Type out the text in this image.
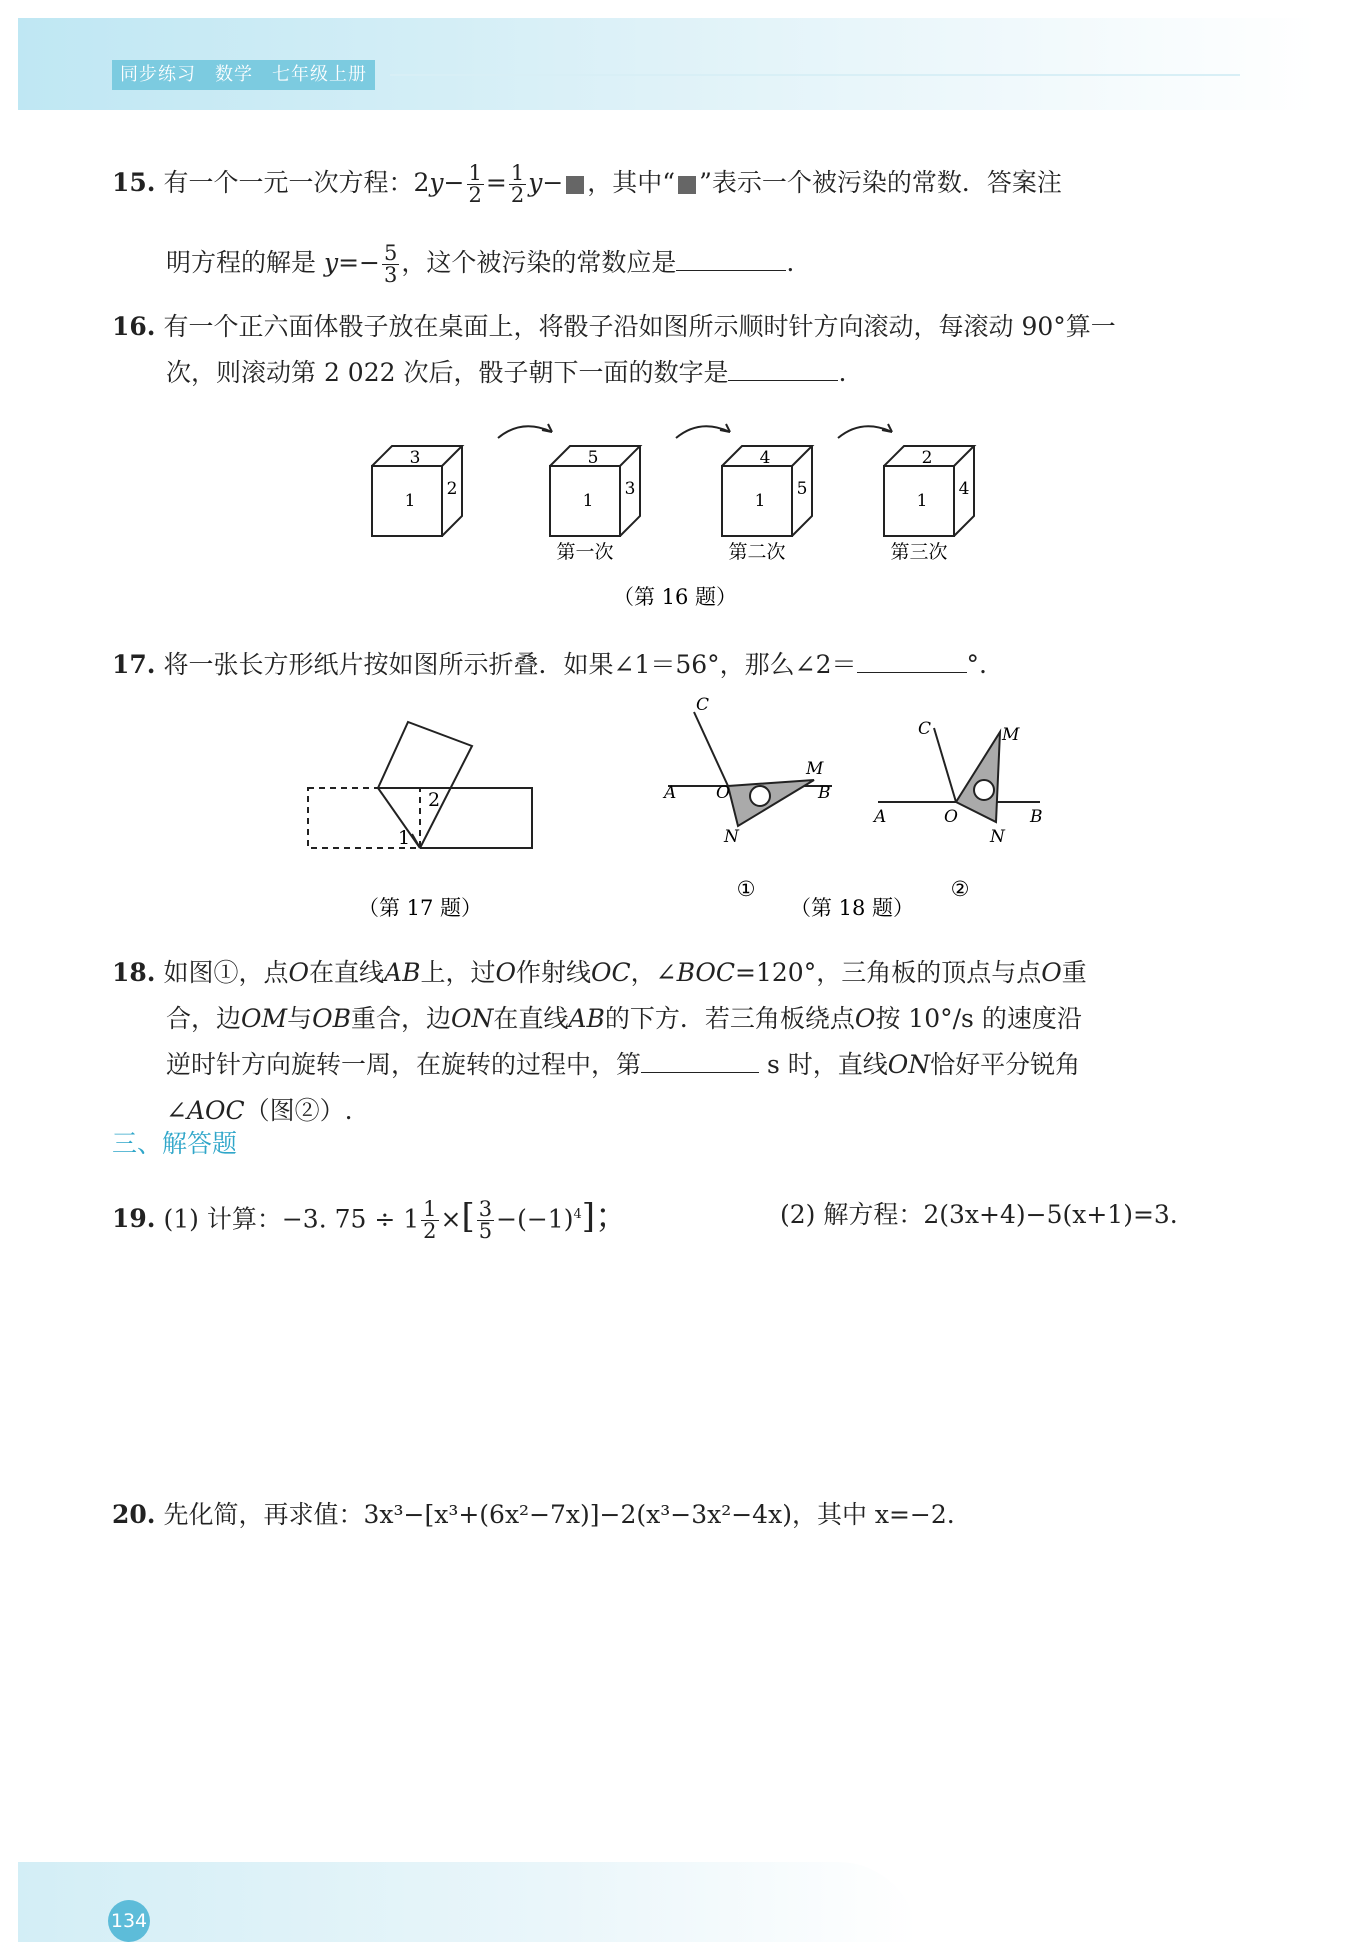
同步练习　数学　七年级上册
15. 有一个一元一次方程：$2y- \frac{1}{2} = \frac{1}{2} y-$ ，其中“ ”表示一个被污染的常数．答案注
明方程的解是 $y=- \frac{5}{3}$ ，这个被污染的常数应是	.
16. 有一个正六面体骰子放在桌面上，将骰子沿如图所示顺时针方向滚动，每滚动 90°算一
次，则滚动第 2 022 次后，骰子朝下一面的数字是	.
3
1
2
5
1
3
第一次
4
1
5
第二次
2
1
4
第三次
（第 16 题）
2
1
（第 17 题）
A O	B
C
M
N
①
A	O	B
C	M
N
②
（第 18 题）
17. 将一张长方形纸片按如图所示折叠．如果∠1＝56°，那么∠2＝	°.
18. 如图①，点O在直线AB上，过O作射线OC，∠BOC=120°，三角板的顶点与点O重
合，边OM与OB重合，边ON在直线AB的下方．若三角板绕点O按 10°/s 的速度沿
逆时针方向旋转一周，在旋转的过程中，第	s 时，直线ON恰好平分锐角
∠AOC（图②）.
三、解答题
19. (1) 计算：−3. $75 \div 1 \frac{1}{2}$ ×[ $\frac{3}{5} -(-1)^4$]；	(2) 解方程：2(3x+4)−5(x+1)=3.
20. 先化简，再求值：3x³−[x³+(6x²−7x)]−2(x³−3x²−4x)，其中 x=−2.
134
